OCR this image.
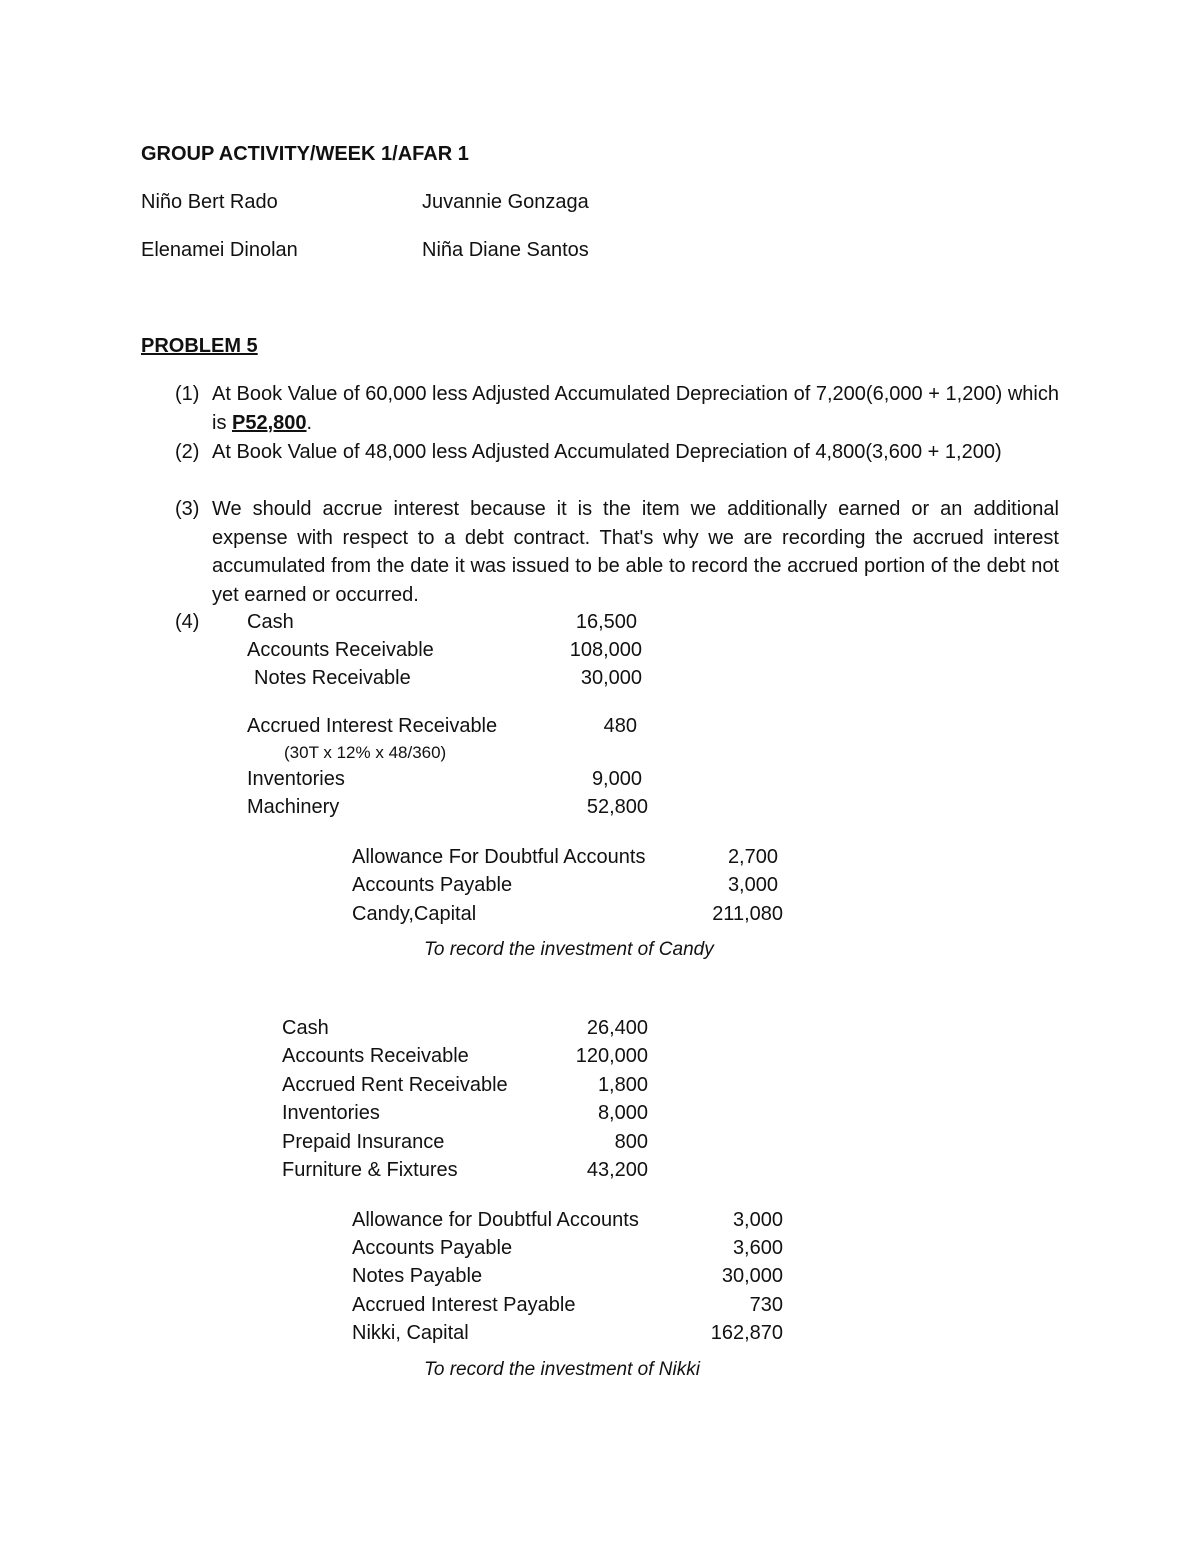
GROUP ACTIVITY/WEEK 1/AFAR 1
Niño Bert Rado	Juvannie Gonzaga
Elenamei Dinolan	Niña Diane Santos
PROBLEM 5
(1) At Book Value of 60,000 less Adjusted Accumulated Depreciation of 7,200(6,000 + 1,200) which is P52,800.
(2) At Book Value of 48,000 less Adjusted Accumulated Depreciation of 4,800(3,600 + 1,200)
(3) We should accrue interest because it is the item we additionally earned or an additional expense with respect to a debt contract. That's why we are recording the accrued interest accumulated from the date it was issued to be able to record the accrued portion of the debt not yet earned or occurred.
(4) Cash	16,500
Accounts Receivable	108,000
Notes Receivable	30,000
Accrued Interest Receivable	480
(30T x 12% x 48/360)
Inventories	9,000
Machinery	52,800
Allowance For Doubtful Accounts	2,700
Accounts Payable	3,000
Candy,Capital	211,080
To record the investment of Candy
Cash	26,400
Accounts Receivable	120,000
Accrued Rent Receivable	1,800
Inventories	8,000
Prepaid Insurance	800
Furniture & Fixtures	43,200
Allowance for Doubtful Accounts	3,000
Accounts Payable	3,600
Notes Payable	30,000
Accrued Interest Payable	730
Nikki, Capital	162,870
To record the investment of Nikki
